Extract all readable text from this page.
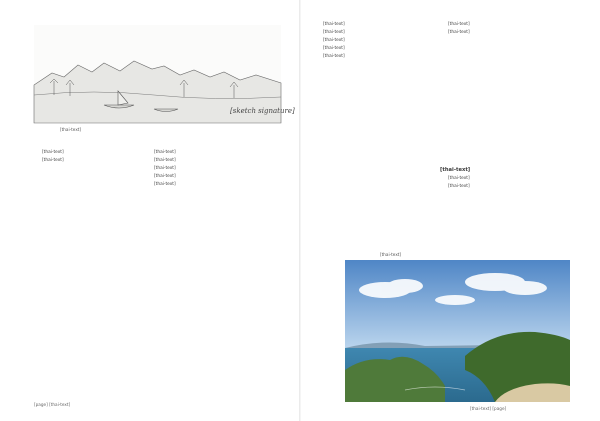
[sketch signature]
[thai-text]

[thai-text]

[thai-text]

[thai-text]

[thai-text]

[thai-text]

[thai-text]

[thai-text]

[page] [thai-text]

[thai-text]

[thai-text]

[thai-text]

[thai-text]

[thai-text]

[thai-text]

[thai-text]

[thai-text]

[thai-text]

[thai-text]

[thai-text]
[thai-text] [page]
